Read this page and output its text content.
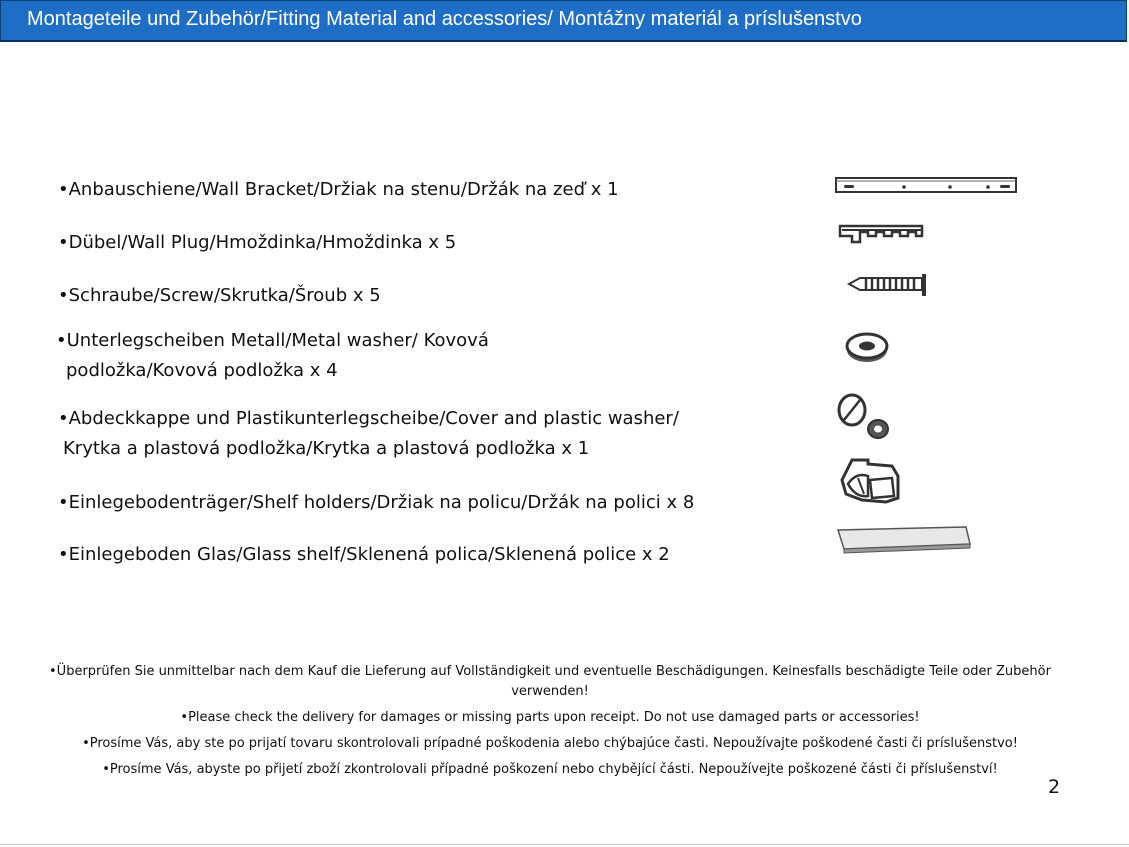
Montageteile und Zubehör/Fitting Material and accessories/ Montážny materiál a príslušenstvo
•Anbauschiene/Wall Bracket/Držiak na stenu/Držák na zeď x 1
•Dübel/Wall Plug/Hmoždinka/Hmoždinka x 5
•Schraube/Screw/Skrutka/Šroub x 5
•Unterlegscheiben Metall/Metal washer/ Kovová
podložka/Kovová podložka x 4
•Abdeckkappe und Plastikunterlegscheibe/Cover and plastic washer/
Krytka a plastová podložka/Krytka a plastová podložka x 1
•Einlegebodenträger/Shelf holders/Držiak na policu/Držák na polici x 8
•Einlegeboden Glas/Glass shelf/Sklenená polica/Sklenená police x 2
•Überprüfen Sie unmittelbar nach dem Kauf die Lieferung auf Vollständigkeit und eventuelle Beschädigungen. Keinesfalls beschädigte Teile oder Zubehör verwenden!
•Please check the delivery for damages or missing parts upon receipt. Do not use damaged parts or accessories!
•Prosíme Vás, aby ste po prijatí tovaru skontrolovali prípadné poškodenia alebo chýbajúce časti. Nepoužívajte poškodené časti či príslušenstvo!
•Prosíme Vás, abyste po přijetí zboží zkontrolovali případné poškození nebo chybějící části. Nepoužívejte poškozené části či příslušenství!
2
